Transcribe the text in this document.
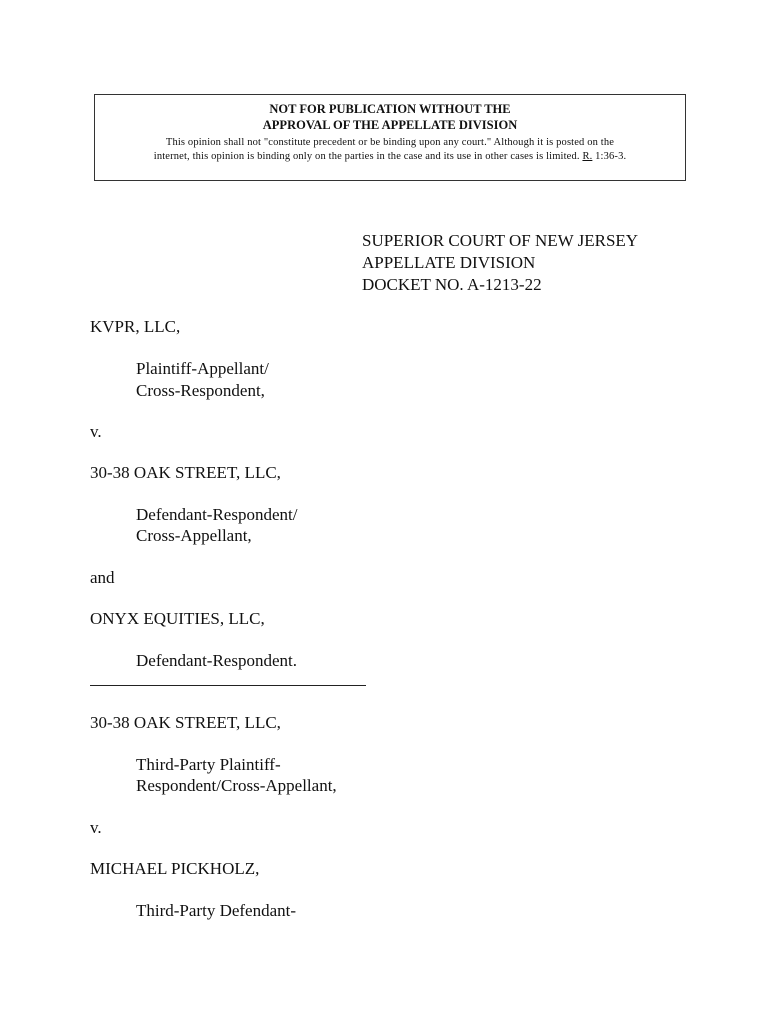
NOT FOR PUBLICATION WITHOUT THE
APPROVAL OF THE APPELLATE DIVISION
This opinion shall not "constitute precedent or be binding upon any court." Although it is posted on the
internet, this opinion is binding only on the parties in the case and its use in other cases is limited. R. 1:36-3.
SUPERIOR COURT OF NEW JERSEY
APPELLATE DIVISION
DOCKET NO. A-1213-22
KVPR, LLC,
Plaintiff-Appellant/
Cross-Respondent,
v.
30-38 OAK STREET, LLC,
Defendant-Respondent/
Cross-Appellant,
and
ONYX EQUITIES, LLC,
Defendant-Respondent.
30-38 OAK STREET, LLC,
Third-Party Plaintiff-
Respondent/Cross-Appellant,
v.
MICHAEL PICKHOLZ,
Third-Party Defendant-
